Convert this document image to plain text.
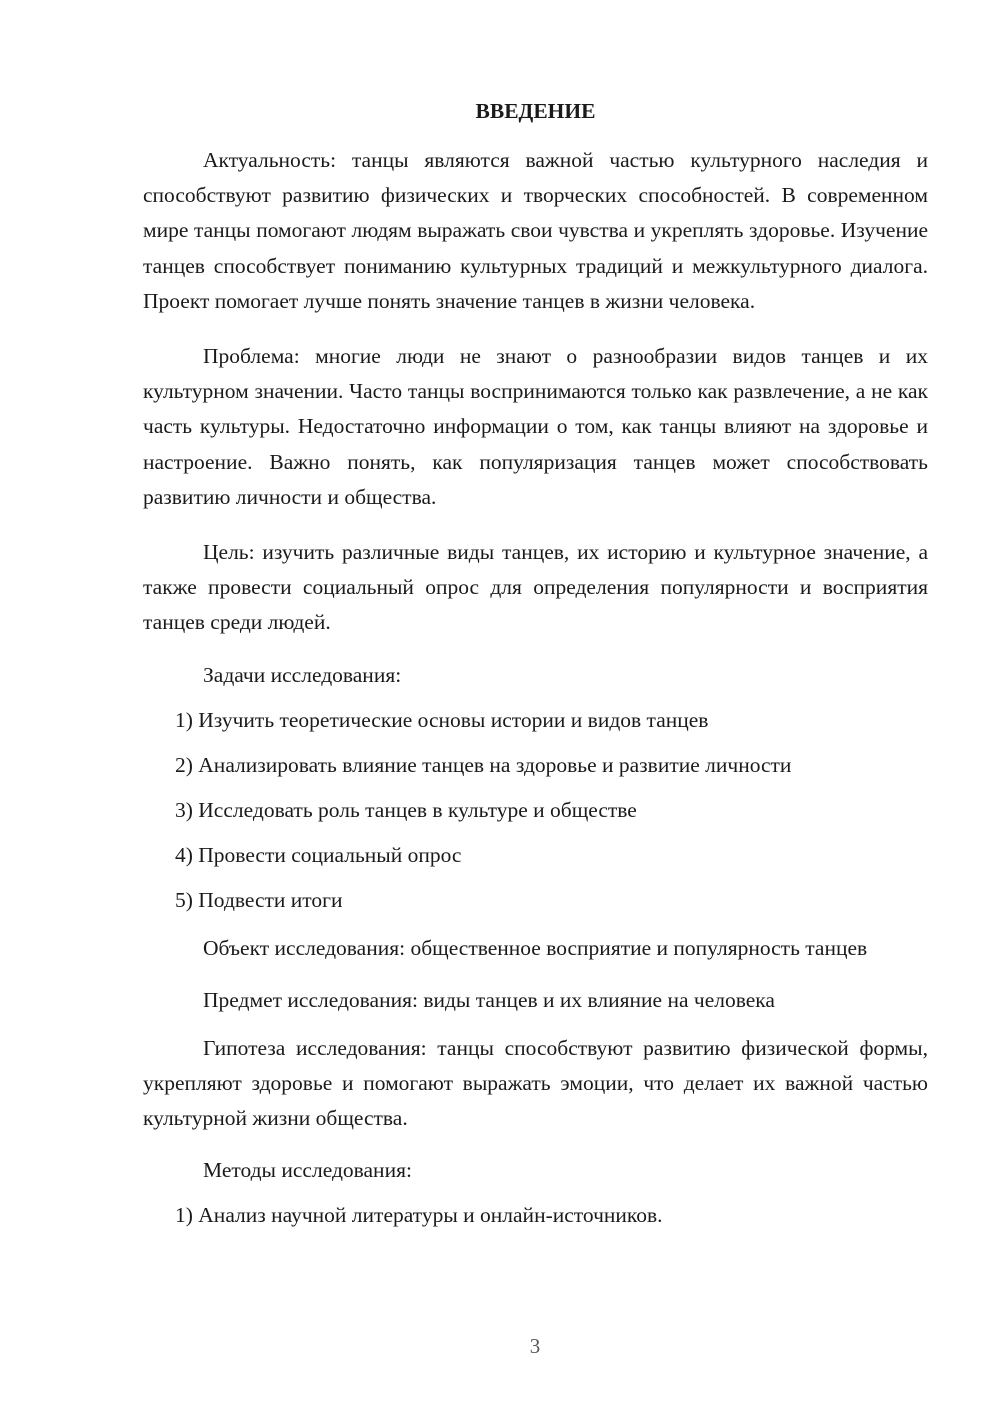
ВВЕДЕНИЕ

Актуальность: танцы являются важной частью культурного наследия и способствуют развитию физических и творческих способностей. В современном мире танцы помогают людям выражать свои чувства и укреплять здоровье. Изучение танцев способствует пониманию культурных традиций и межкультурного диалога. Проект помогает лучше понять значение танцев в жизни человека.

Проблема: многие люди не знают о разнообразии видов танцев и их культурном значении. Часто танцы воспринимаются только как развлечение, а не как часть культуры. Недостаточно информации о том, как танцы влияют на здоровье и настроение. Важно понять, как популяризация танцев может способствовать развитию личности и общества.

Цель: изучить различные виды танцев, их историю и культурное значение, а также провести социальный опрос для определения популярности и восприятия танцев среди людей.

Задачи исследования:

1) Изучить теоретические основы истории и видов танцев

2) Анализировать влияние танцев на здоровье и развитие личности

3) Исследовать роль танцев в культуре и обществе

4) Провести социальный опрос

5) Подвести итоги

Объект исследования: общественное восприятие и популярность танцев

Предмет исследования: виды танцев и их влияние на человека

Гипотеза исследования: танцы способствуют развитию физической формы, укрепляют здоровье и помогают выражать эмоции, что делает их важной частью культурной жизни общества.

Методы исследования:

1) Анализ научной литературы и онлайн-источников.

3
